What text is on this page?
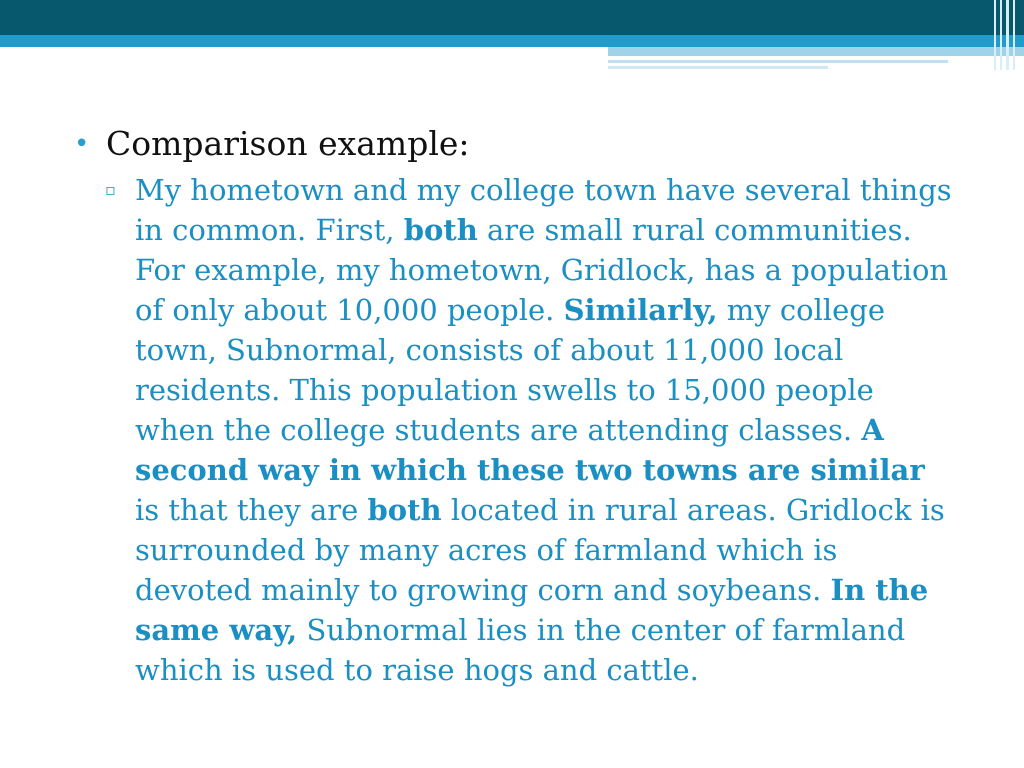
• Comparison example:

▫ My hometown and my college town have several things in common. First, both are small rural communities. For example, my hometown, Gridlock, has a population of only about 10,000 people. Similarly, my college town, Subnormal, consists of about 11,000 local residents. This population swells to 15,000 people when the college students are attending classes. A second way in which these two towns are similar is that they are both located in rural areas. Gridlock is surrounded by many acres of farmland which is devoted mainly to growing corn and soybeans. In the same way, Subnormal lies in the center of farmland which is used to raise hogs and cattle.
